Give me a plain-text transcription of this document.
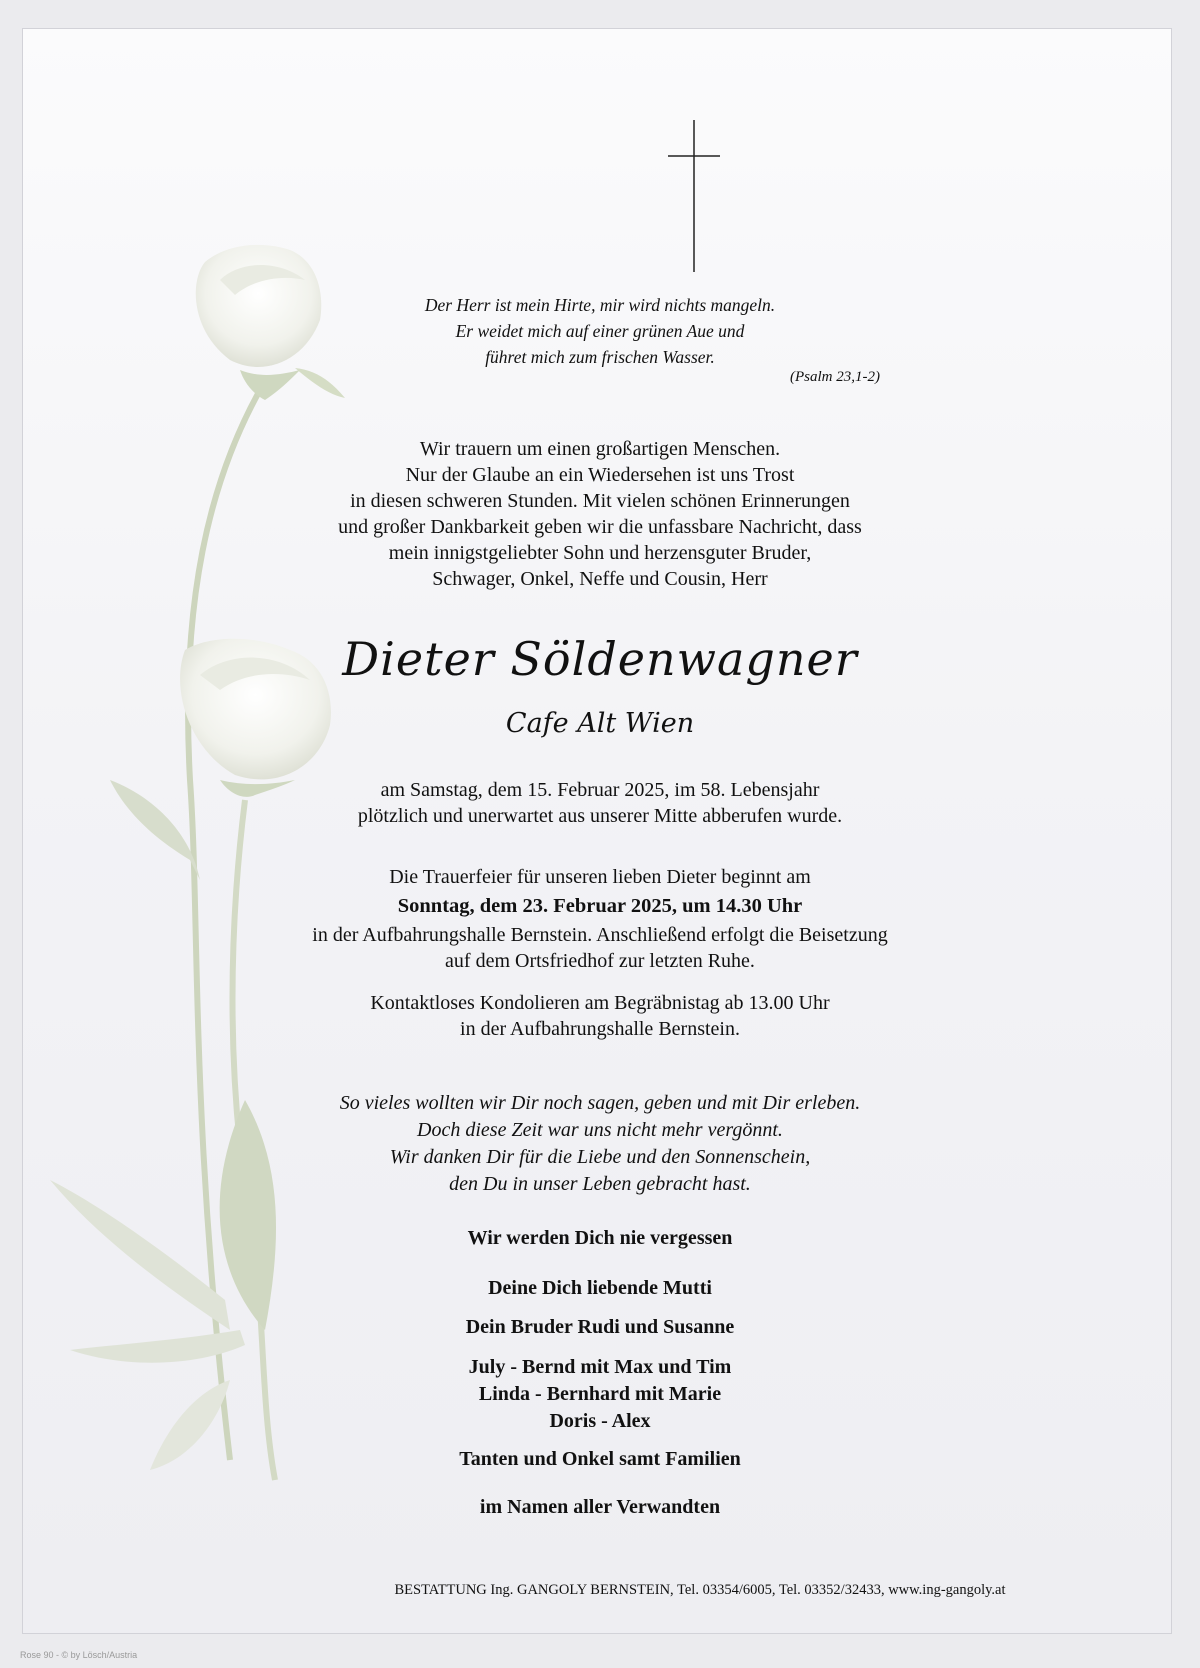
Der Herr ist mein Hirte, mir wird nichts mangeln.
Er weidet mich auf einer grünen Aue und
führet mich zum frischen Wasser.
(Psalm 23,1-2)
Wir trauern um einen großartigen Menschen.
Nur der Glaube an ein Wiedersehen ist uns Trost
in diesen schweren Stunden. Mit vielen schönen Erinnerungen
und großer Dankbarkeit geben wir die unfassbare Nachricht, dass
mein innigstgeliebter Sohn und herzensguter Bruder,
Schwager, Onkel, Neffe und Cousin, Herr
Dieter Söldenwagner
Cafe Alt Wien
am Samstag, dem 15. Februar 2025, im 58. Lebensjahr
plötzlich und unerwartet aus unserer Mitte abberufen wurde.
Die Trauerfeier für unseren lieben Dieter beginnt am
Sonntag, dem 23. Februar 2025, um 14.30 Uhr
in der Aufbahrungshalle Bernstein. Anschließend erfolgt die Beisetzung
auf dem Ortsfriedhof zur letzten Ruhe.
Kontaktloses Kondolieren am Begräbnistag ab 13.00 Uhr
in der Aufbahrungshalle Bernstein.
So vieles wollten wir Dir noch sagen, geben und mit Dir erleben.
Doch diese Zeit war uns nicht mehr vergönnt.
Wir danken Dir für die Liebe und den Sonnenschein,
den Du in unser Leben gebracht hast.
Wir werden Dich nie vergessen
Deine Dich liebende Mutti
Dein Bruder Rudi und Susanne
July - Bernd mit Max und Tim
Linda - Bernhard mit Marie
Doris - Alex
Tanten und Onkel samt Familien
im Namen aller Verwandten
BESTATTUNG Ing. GANGOLY BERNSTEIN, Tel. 03354/6005, Tel. 03352/32433, www.ing-gangoly.at
Rose 90 - © by Lösch/Austria
